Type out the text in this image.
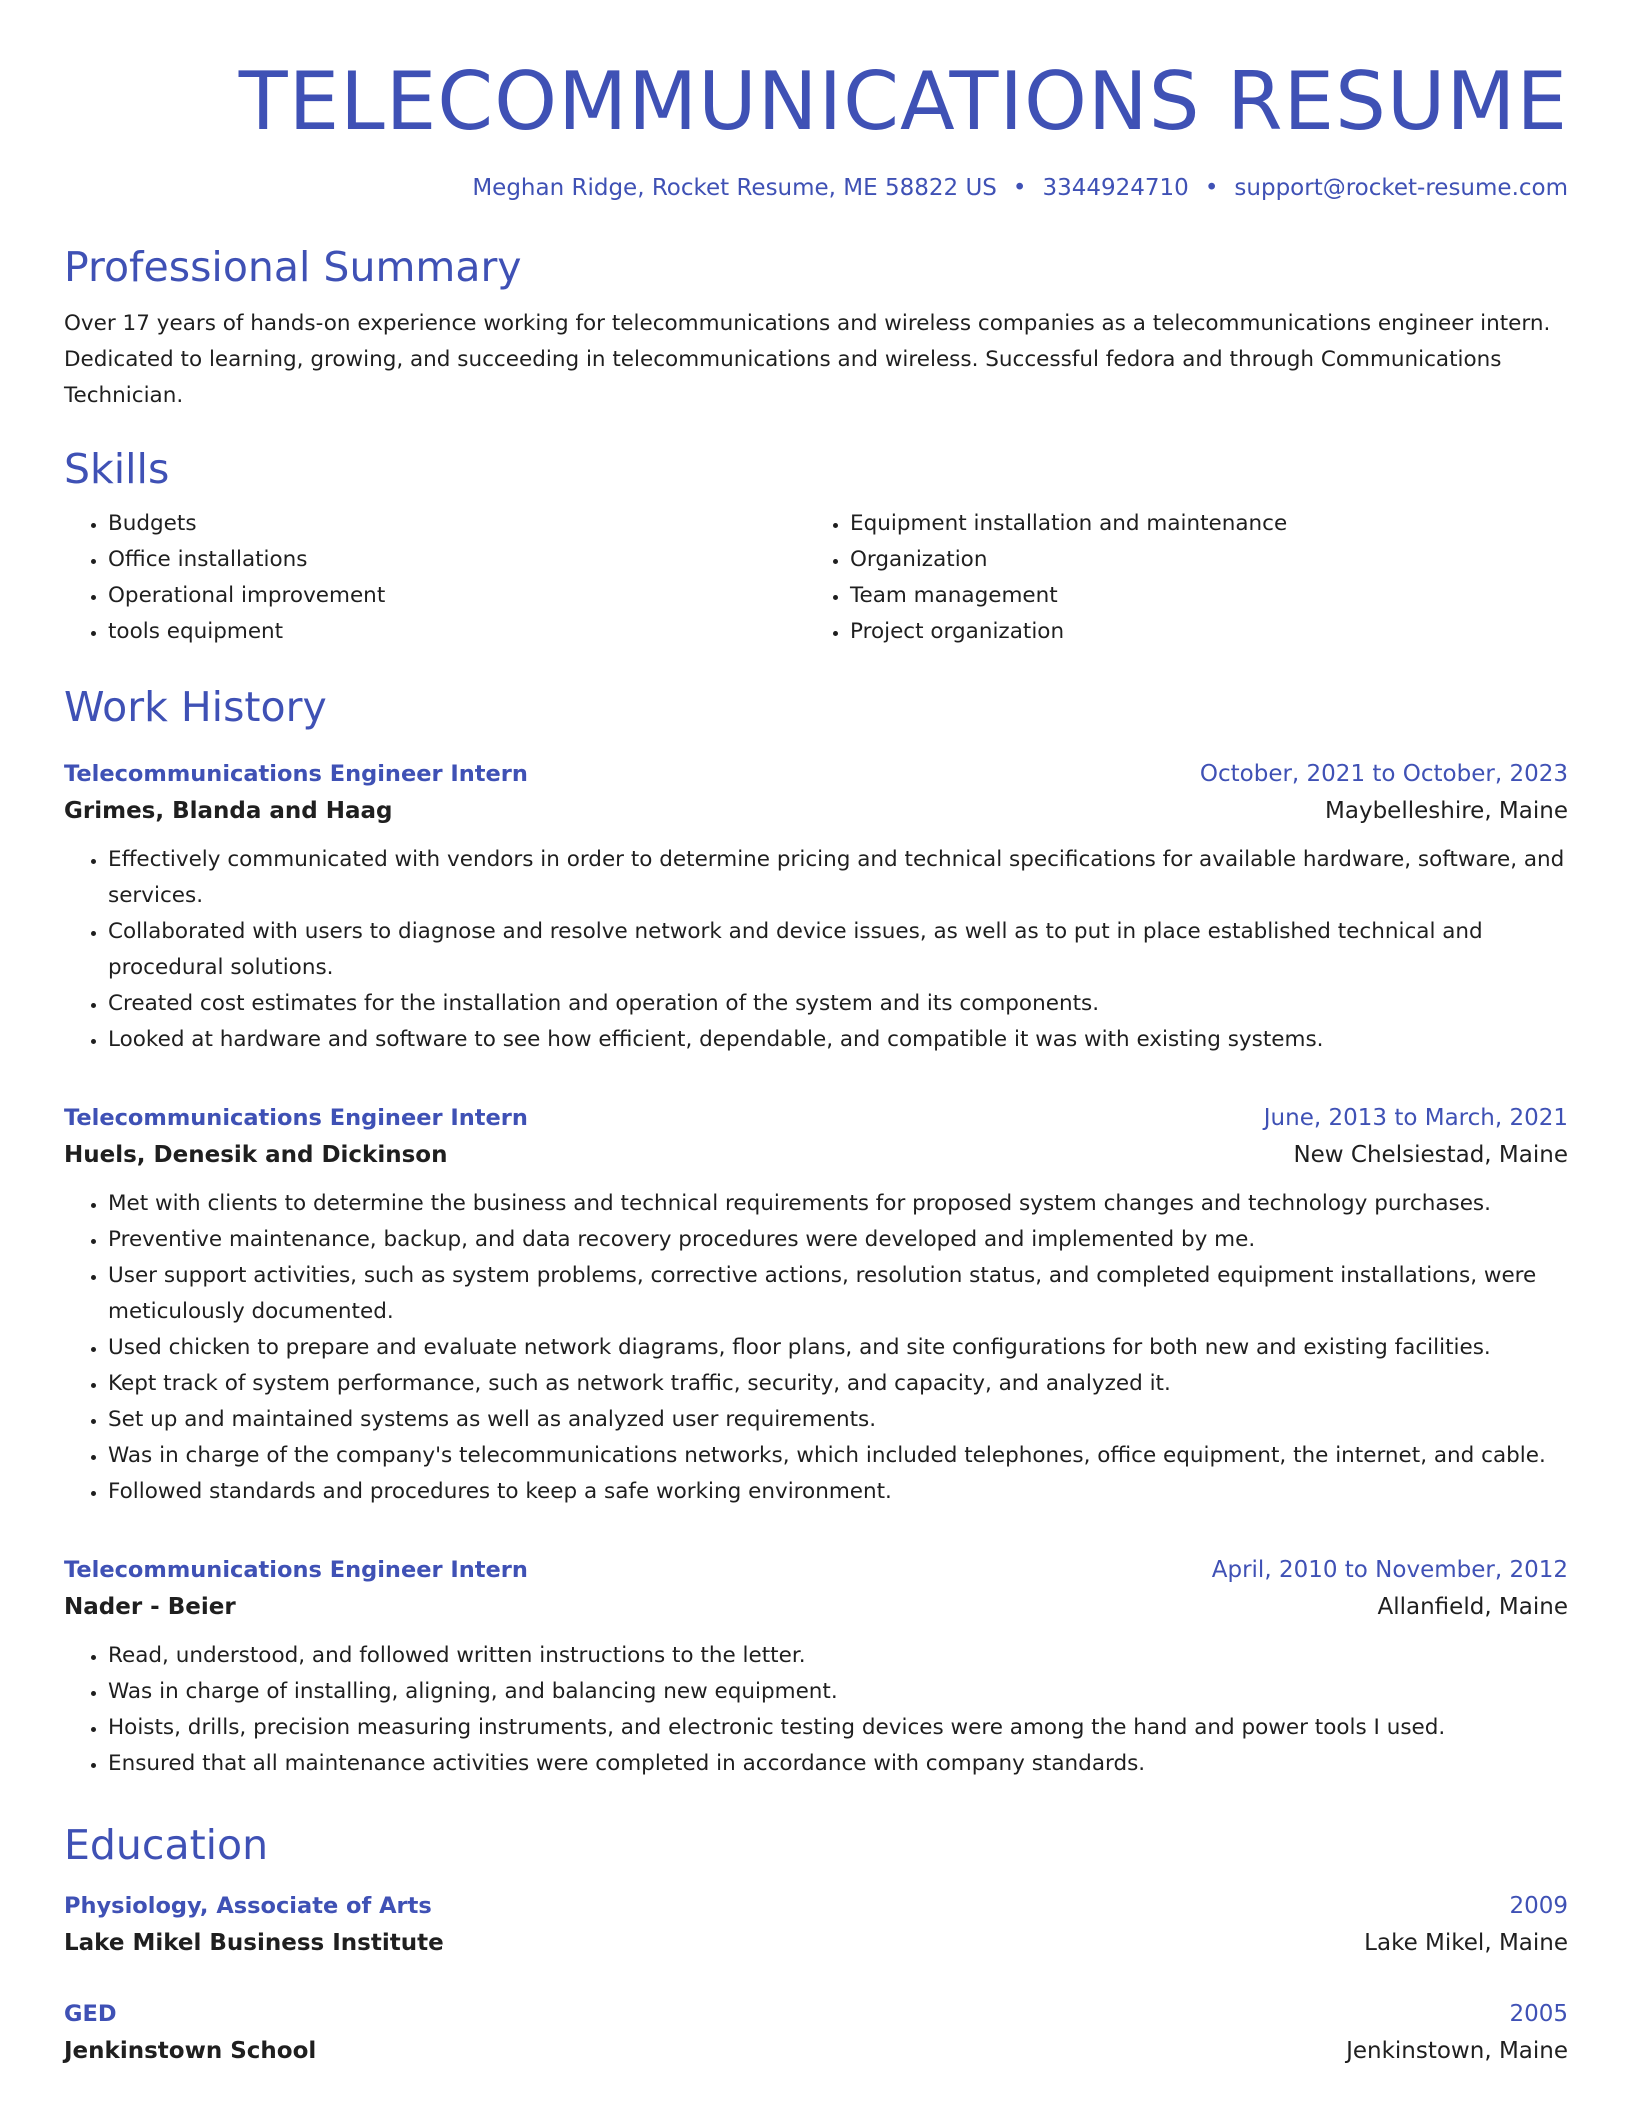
TELECOMMUNICATIONS RESUME
Meghan Ridge, Rocket Resume, ME 58822 US • 3344924710 • support@rocket-resume.com
Professional Summary
Over 17 years of hands-on experience working for telecommunications and wireless companies as a telecommunications engineer intern. Dedicated to learning, growing, and succeeding in telecommunications and wireless. Successful fedora and through Communications Technician.
Skills
• Budgets
• Office installations
• Operational improvement
• tools equipment
• Equipment installation and maintenance
• Organization
• Team management
• Project organization
Work History
Telecommunications Engineer Intern	October, 2021 to October, 2023
Grimes, Blanda and Haag	Maybelleshire, Maine
• Effectively communicated with vendors in order to determine pricing and technical specifications for available hardware, software, and services.
• Collaborated with users to diagnose and resolve network and device issues, as well as to put in place established technical and procedural solutions.
• Created cost estimates for the installation and operation of the system and its components.
• Looked at hardware and software to see how efficient, dependable, and compatible it was with existing systems.
Telecommunications Engineer Intern	June, 2013 to March, 2021
Huels, Denesik and Dickinson	New Chelsiestad, Maine
• Met with clients to determine the business and technical requirements for proposed system changes and technology purchases.
• Preventive maintenance, backup, and data recovery procedures were developed and implemented by me.
• User support activities, such as system problems, corrective actions, resolution status, and completed equipment installations, were meticulously documented.
• Used chicken to prepare and evaluate network diagrams, floor plans, and site configurations for both new and existing facilities.
• Kept track of system performance, such as network traffic, security, and capacity, and analyzed it.
• Set up and maintained systems as well as analyzed user requirements.
• Was in charge of the company's telecommunications networks, which included telephones, office equipment, the internet, and cable.
• Followed standards and procedures to keep a safe working environment.
Telecommunications Engineer Intern	April, 2010 to November, 2012
Nader - Beier	Allanfield, Maine
• Read, understood, and followed written instructions to the letter.
• Was in charge of installing, aligning, and balancing new equipment.
• Hoists, drills, precision measuring instruments, and electronic testing devices were among the hand and power tools I used.
• Ensured that all maintenance activities were completed in accordance with company standards.
Education
Physiology, Associate of Arts	2009
Lake Mikel Business Institute	Lake Mikel, Maine
GED	2005
Jenkinstown School	Jenkinstown, Maine
